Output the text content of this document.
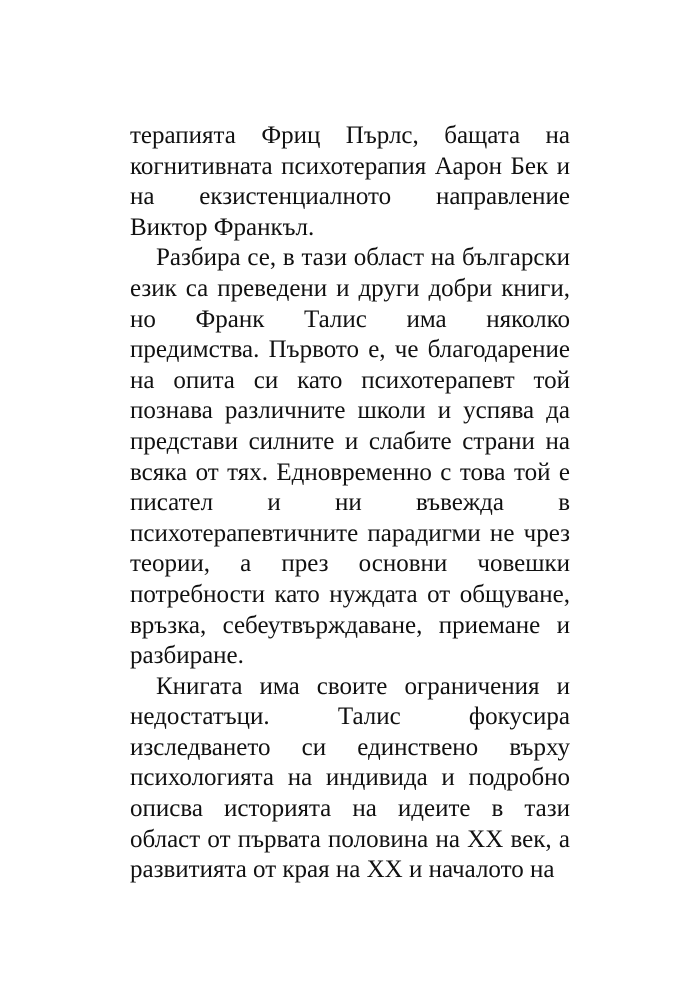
терапията Фриц Пърлс, бащата на когнитивната психотерапия Аарон Бек и на екзистенциалното направление Виктор Франкъл.

Разбира се, в тази област на български език са преведени и други добри книги, но Франк Талис има няколко предимства. Първото е, че благодарение на опита си като психотерапевт той познава различните школи и успява да представи силните и слабите страни на всяка от тях. Едновременно с това той е писател и ни въвежда в психотерапевтичните парадигми не чрез теории, а през основни човешки потребности като нуждата от общуване, връзка, себеутвърждаване, приемане и разбиране.

Книгата има своите ограничения и недостатъци. Талис фокусира изследването си единствено върху психологията на индивида и подробно описва историята на идеите в тази област от първата половина на XX век, а развитията от края на XX и началото на
